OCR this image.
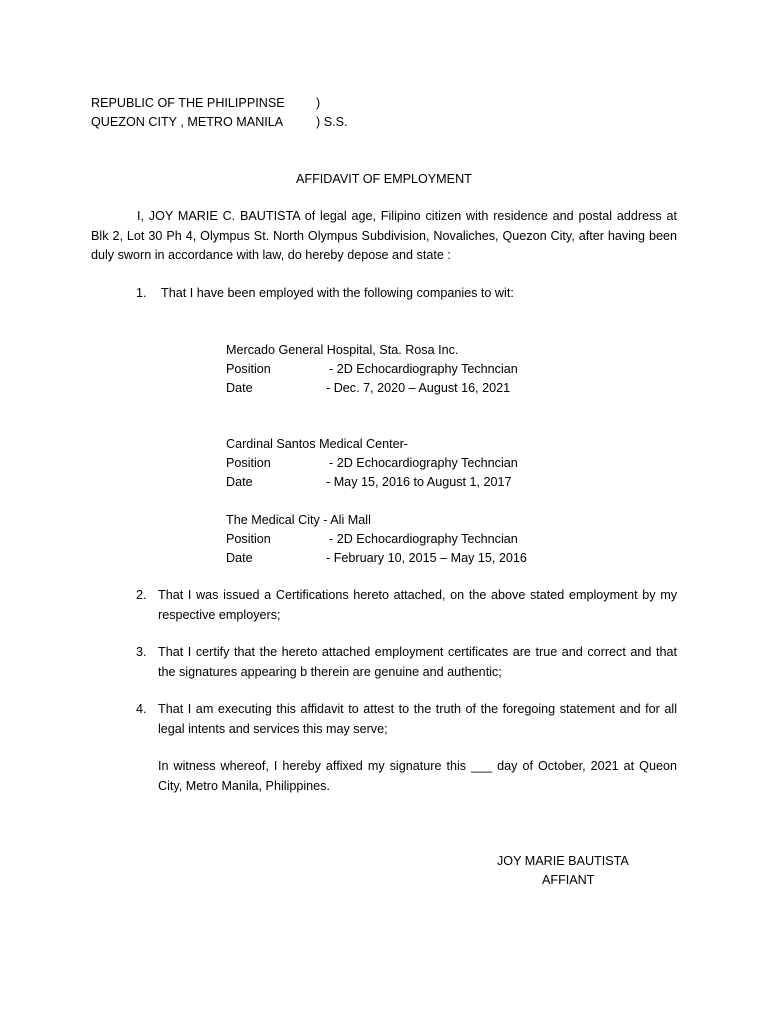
REPUBLIC OF THE PHILIPPINSE )
QUEZON CITY , METRO MANILA	) S.S.
AFFIDAVIT OF EMPLOYMENT
I, JOY MARIE C. BAUTISTA of legal age, Filipino citizen with residence and postal address at Blk 2, Lot 30 Ph 4, Olympus St. North Olympus Subdivision, Novaliches, Quezon City, after having been duly sworn in accordance with law, do hereby depose and state :
1. That I have been employed with the following companies to wit:
Mercado General Hospital, Sta. Rosa Inc.
Position	- 2D Echocardiography Techncian
Date	- Dec. 7, 2020 – August 16, 2021
Cardinal Santos Medical Center-
Position	- 2D Echocardiography Techncian
Date	- May 15, 2016 to August 1, 2017
The Medical City - Ali Mall
Position	- 2D Echocardiography Techncian
Date	- February 10, 2015 – May 15, 2016
2. That I was issued a Certifications hereto attached, on the above stated employment by my respective employers;
3. That I certify that the hereto attached employment certificates are true and correct and that the signatures appearing b therein are genuine and authentic;
4. That I am executing this affidavit to attest to the truth of the foregoing statement and for all legal intents and services this may serve;
In witness whereof, I hereby affixed my signature this ___ day of October, 2021 at Queon City, Metro Manila, Philippines.
JOY MARIE BAUTISTA
AFFIANT
